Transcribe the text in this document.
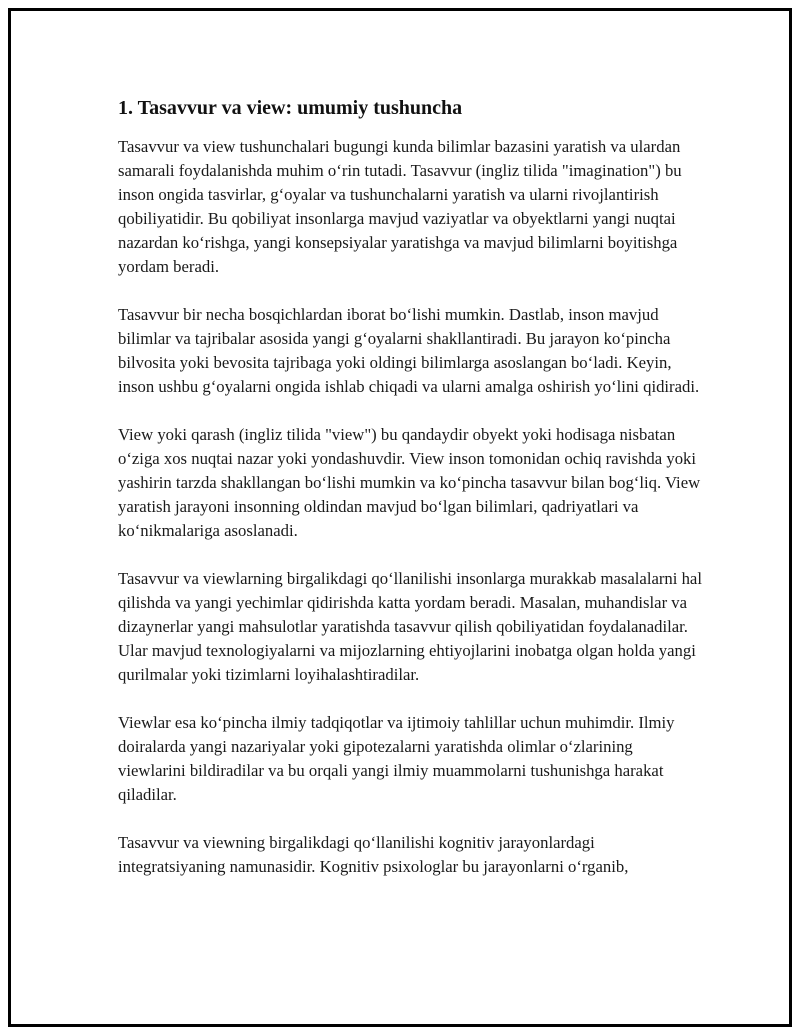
1. Tasavvur va view: umumiy tushuncha

Tasavvur va view tushunchalari bugungi kunda bilimlar bazasini yaratish va ulardan samarali foydalanishda muhim o‘rin tutadi. Tasavvur (ingliz tilida "imagination") bu inson ongida tasvirlar, g‘oyalar va tushunchalarni yaratish va ularni rivojlantirish qobiliyatidir. Bu qobiliyat insonlarga mavjud vaziyatlar va obyektlarni yangi nuqtai nazardan ko‘rishga, yangi konsepsiyalar yaratishga va mavjud bilimlarni boyitishga yordam beradi.

Tasavvur bir necha bosqichlardan iborat bo‘lishi mumkin. Dastlab, inson mavjud bilimlar va tajribalar asosida yangi g‘oyalarni shakllantiradi. Bu jarayon ko‘pincha bilvosita yoki bevosita tajribaga yoki oldingi bilimlarga asoslangan bo‘ladi. Keyin, inson ushbu g‘oyalarni ongida ishlab chiqadi va ularni amalga oshirish yo‘lini qidiradi.

View yoki qarash (ingliz tilida "view") bu qandaydir obyekt yoki hodisaga nisbatan o‘ziga xos nuqtai nazar yoki yondashuvdir. View inson tomonidan ochiq ravishda yoki yashirin tarzda shakllangan bo‘lishi mumkin va ko‘pincha tasavvur bilan bog‘liq. View yaratish jarayoni insonning oldindan mavjud bo‘lgan bilimlari, qadriyatlari va ko‘nikmalariga asoslanadi.

Tasavvur va viewlarning birgalikdagi qo‘llanilishi insonlarga murakkab masalalarni hal qilishda va yangi yechimlar qidirishda katta yordam beradi. Masalan, muhandislar va dizaynerlar yangi mahsulotlar yaratishda tasavvur qilish qobiliyatidan foydalanadilar. Ular mavjud texnologiyalarni va mijozlarning ehtiyojlarini inobatga olgan holda yangi qurilmalar yoki tizimlarni loyihalashtiradilar.

Viewlar esa ko‘pincha ilmiy tadqiqotlar va ijtimoiy tahlillar uchun muhimdir. Ilmiy doiralarda yangi nazariyalar yoki gipotezalarni yaratishda olimlar o‘zlarining viewlarini bildiradilar va bu orqali yangi ilmiy muammolarni tushunishga harakat qiladilar.

Tasavvur va viewning birgalikdagi qo‘llanilishi kognitiv jarayonlardagi integratsiyaning namunasidir. Kognitiv psixologlar bu jarayonlarni o‘rganib,
